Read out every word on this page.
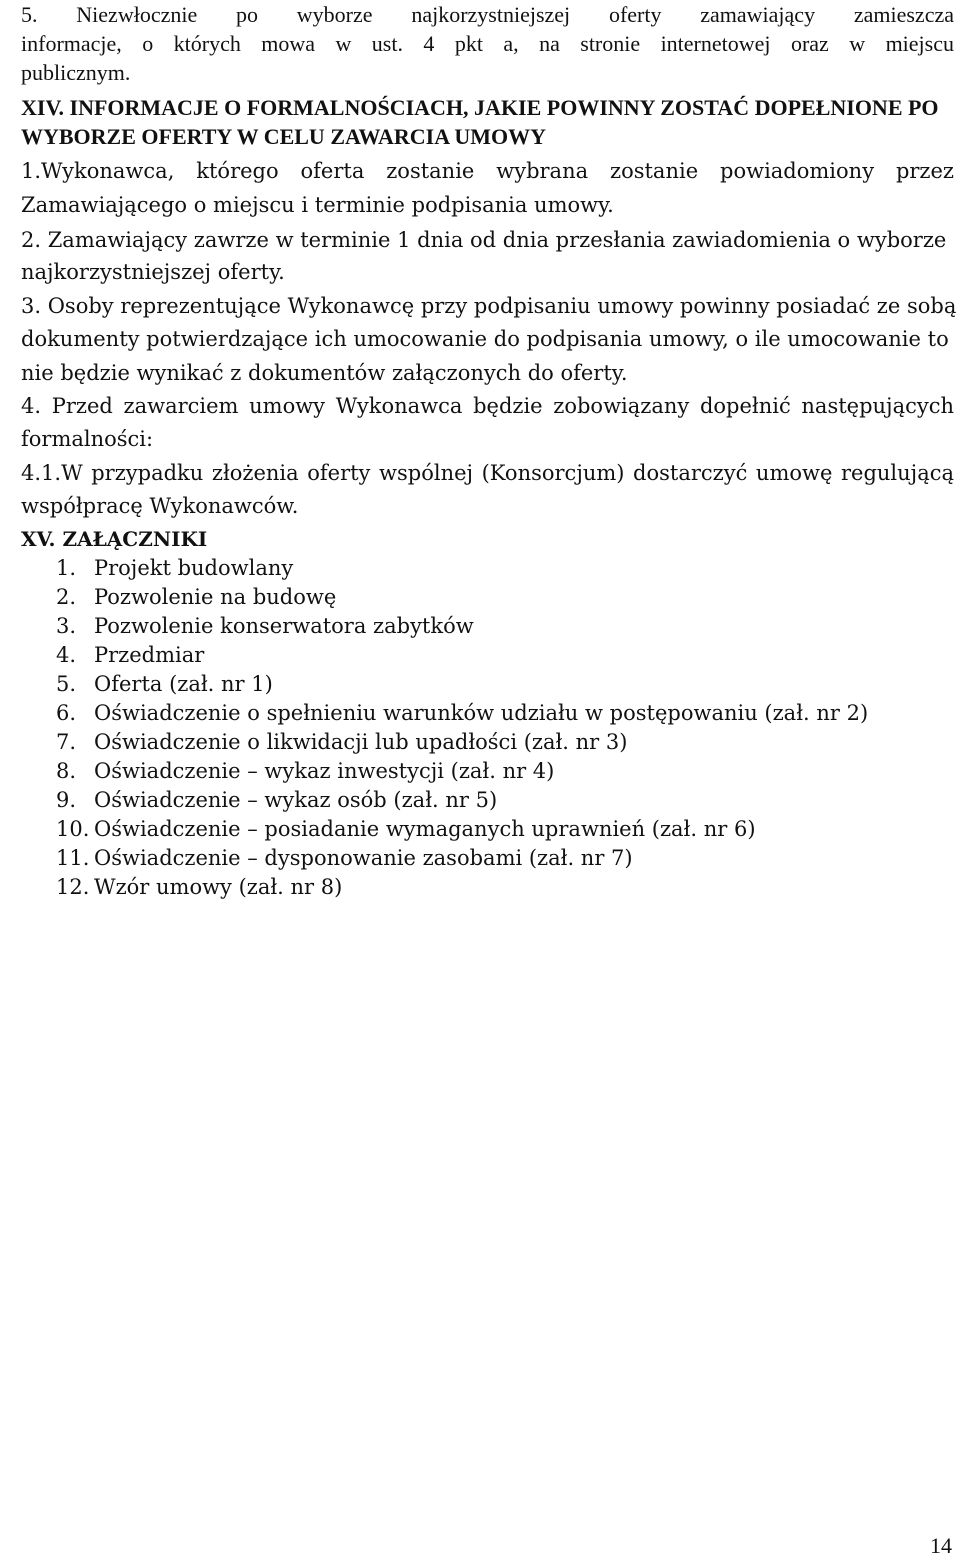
5. Niezwłocznie po wyborze najkorzystniejszej oferty zamawiający zamieszcza
informacje, o których mowa w ust. 4 pkt a, na stronie internetowej oraz w miejscu
publicznym.
XIV. INFORMACJE O FORMALNOŚCIACH, JAKIE POWINNY ZOSTAĆ DOPEŁNIONE PO
WYBORZE OFERTY W CELU ZAWARCIA UMOWY
1.Wykonawca, którego oferta zostanie wybrana zostanie powiadomiony przez
Zamawiającego o miejscu i terminie podpisania umowy.
2. Zamawiający zawrze w terminie 1 dnia od dnia przesłania zawiadomienia o wyborze
najkorzystniejszej oferty.
3. Osoby reprezentujące Wykonawcę przy podpisaniu umowy powinny posiadać ze sobą
dokumenty potwierdzające ich umocowanie do podpisania umowy, o ile umocowanie to
nie będzie wynikać z dokumentów załączonych do oferty.
4. Przed zawarciem umowy Wykonawca będzie zobowiązany dopełnić następujących
formalności:
4.1.W przypadku złożenia oferty wspólnej (Konsorcjum) dostarczyć umowę regulującą
współpracę Wykonawców.
XV. ZAŁĄCZNIKI
1. Projekt budowlany
2. Pozwolenie na budowę
3. Pozwolenie konserwatora zabytków
4. Przedmiar
5. Oferta (zał. nr 1)
6. Oświadczenie o spełnieniu warunków udziału w postępowaniu (zał. nr 2)
7. Oświadczenie o likwidacji lub upadłości (zał. nr 3)
8. Oświadczenie – wykaz inwestycji (zał. nr 4)
9. Oświadczenie – wykaz osób (zał. nr 5)
10. Oświadczenie – posiadanie wymaganych uprawnień (zał. nr 6)
11. Oświadczenie – dysponowanie zasobami (zał. nr 7)
12. Wzór umowy (zał. nr 8)
14
